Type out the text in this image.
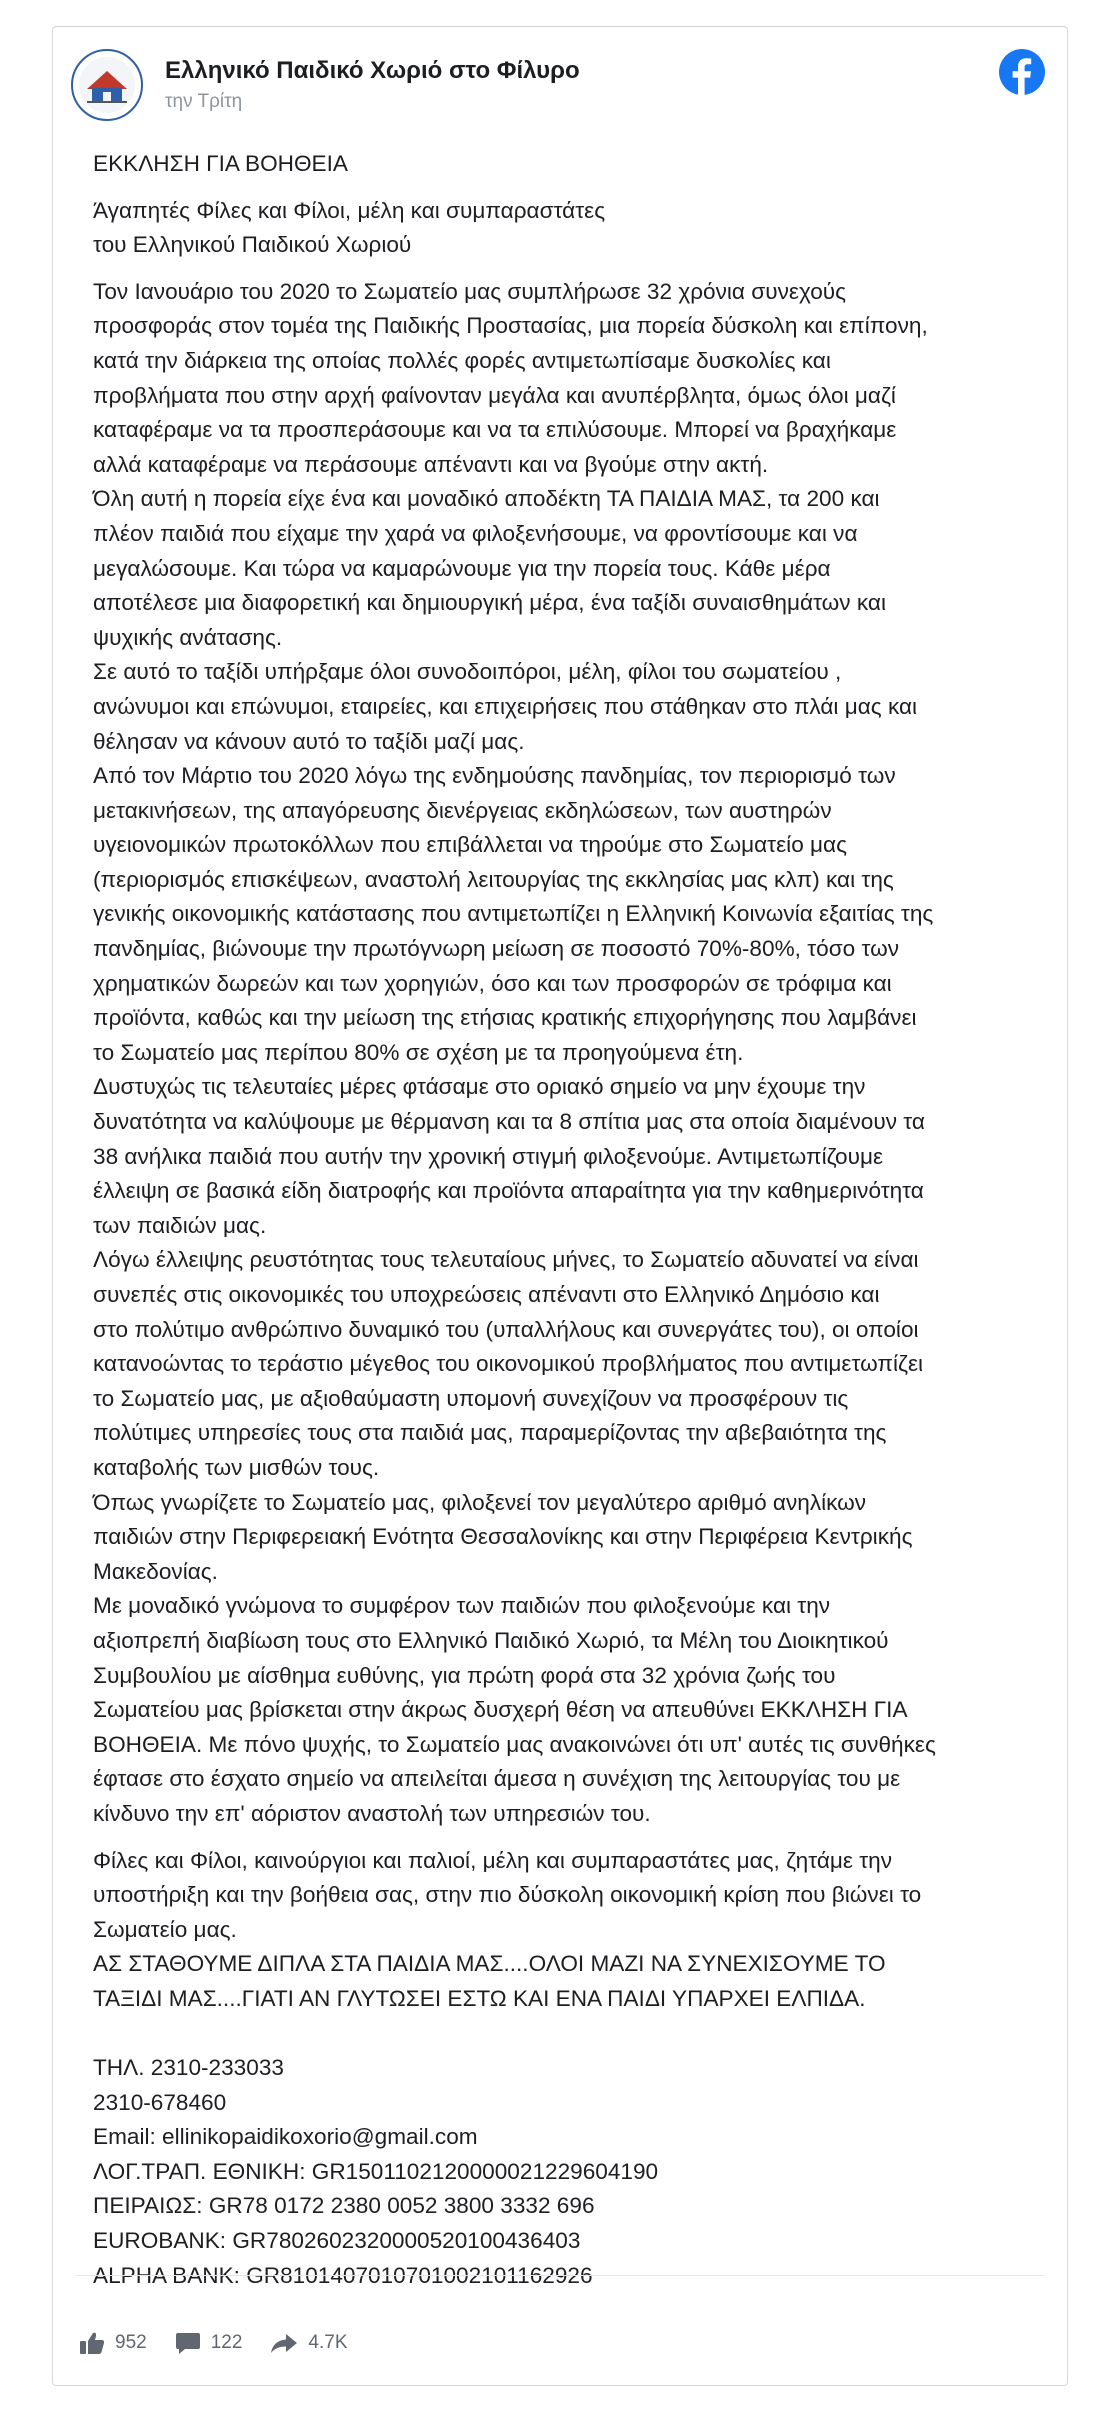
Ελληνικό Παιδικό Χωριό στο Φίλυρο
την Τρίτη

ΕΚΚΛΗΣΗ ΓΙΑ ΒΟΗΘΕΙΑ

Άγαπητές Φίλες και Φίλοι, μέλη και συμπαραστάτες

του Ελληνικού Παιδικού Χωριού

Τον Ιανουάριο του 2020 το Σωματείο μας συμπλήρωσε 32 χρόνια συνεχούς

προσφοράς στον τομέα της Παιδικής Προστασίας, μια πορεία δύσκολη και επίπονη,

κατά την διάρκεια της οποίας πολλές φορές αντιμετωπίσαμε δυσκολίες και

προβλήματα που στην αρχή φαίνονταν μεγάλα και ανυπέρβλητα, όμως όλοι μαζί

καταφέραμε να τα προσπεράσουμε και να τα επιλύσουμε. Μπορεί να βραχήκαμε

αλλά καταφέραμε να περάσουμε απέναντι και να βγούμε στην ακτή.

Όλη αυτή η πορεία είχε ένα και μοναδικό αποδέκτη ΤΑ ΠΑΙΔΙΑ ΜΑΣ, τα 200 και

πλέον παιδιά που είχαμε την χαρά να φιλοξενήσουμε, να φροντίσουμε και να

μεγαλώσουμε. Και τώρα να καμαρώνουμε για την πορεία τους. Κάθε μέρα

αποτέλεσε μια διαφορετική και δημιουργική μέρα, ένα ταξίδι συναισθημάτων και

ψυχικής ανάτασης.

Σε αυτό το ταξίδι υπήρξαμε όλοι συνοδοιπόροι, μέλη, φίλοι του σωματείου ,

ανώνυμοι και επώνυμοι, εταιρείες, και επιχειρήσεις που στάθηκαν στο πλάι μας και

θέλησαν να κάνουν αυτό το ταξίδι μαζί μας.

Από τον Μάρτιο του 2020 λόγω της ενδημούσης πανδημίας, τον περιορισμό των

μετακινήσεων, της απαγόρευσης διενέργειας εκδηλώσεων, των αυστηρών

υγειονομικών πρωτοκόλλων που επιβάλλεται να τηρούμε στο Σωματείο μας

(περιορισμός επισκέψεων, αναστολή λειτουργίας της εκκλησίας μας κλπ) και της

γενικής οικονομικής κατάστασης που αντιμετωπίζει η Ελληνική Κοινωνία εξαιτίας της

πανδημίας, βιώνουμε την πρωτόγνωρη μείωση σε ποσοστό 70%-80%, τόσο των

χρηματικών δωρεών και των χορηγιών, όσο και των προσφορών σε τρόφιμα και

προϊόντα, καθώς και την μείωση της ετήσιας κρατικής επιχορήγησης που λαμβάνει

το Σωματείο μας περίπου 80% σε σχέση με τα προηγούμενα έτη.

Δυστυχώς τις τελευταίες μέρες φτάσαμε στο οριακό σημείο να μην έχουμε την

δυνατότητα να καλύψουμε με θέρμανση και τα 8 σπίτια μας στα οποία διαμένουν τα

38 ανήλικα παιδιά που αυτήν την χρονική στιγμή φιλοξενούμε. Αντιμετωπίζουμε

έλλειψη σε βασικά είδη διατροφής και προϊόντα απαραίτητα για την καθημερινότητα

των παιδιών μας.

Λόγω έλλειψης ρευστότητας τους τελευταίους μήνες, το Σωματείο αδυνατεί να είναι

συνεπές στις οικονομικές του υποχρεώσεις απέναντι στο Ελληνικό Δημόσιο και

στο πολύτιμο ανθρώπινο δυναμικό του (υπαλλήλους και συνεργάτες του), οι οποίοι

κατανοώντας το τεράστιο μέγεθος του οικονομικού προβλήματος που αντιμετωπίζει

το Σωματείο μας, με αξιοθαύμαστη υπομονή συνεχίζουν να προσφέρουν τις

πολύτιμες υπηρεσίες τους στα παιδιά μας, παραμερίζοντας την αβεβαιότητα της

καταβολής των μισθών τους.

Όπως γνωρίζετε το Σωματείο μας, φιλοξενεί τον μεγαλύτερο αριθμό ανηλίκων

παιδιών στην Περιφερειακή Ενότητα Θεσσαλονίκης και στην Περιφέρεια Κεντρικής

Μακεδονίας.

Με μοναδικό γνώμονα το συμφέρον των παιδιών που φιλοξενούμε και την

αξιοπρεπή διαβίωση τους στο Ελληνικό Παιδικό Χωριό, τα Μέλη του Διοικητικού

Συμβουλίου με αίσθημα ευθύνης, για πρώτη φορά στα 32 χρόνια ζωής του

Σωματείου μας βρίσκεται στην άκρως δυσχερή θέση να απευθύνει ΕΚΚΛΗΣΗ ΓΙΑ

ΒΟΗΘΕΙΑ. Με πόνο ψυχής, το Σωματείο μας ανακοινώνει ότι υπ' αυτές τις συνθήκες

έφτασε στο έσχατο σημείο να απειλείται άμεσα η συνέχιση της λειτουργίας του με

κίνδυνο την επ' αόριστον αναστολή των υπηρεσιών του.

Φίλες και Φίλοι, καινούργιοι και παλιοί, μέλη και συμπαραστάτες μας, ζητάμε την

υποστήριξη και την βοήθεια σας, στην πιο δύσκολη οικονομική κρίση που βιώνει το

Σωματείο μας.

ΑΣ ΣΤΑΘΟΥΜΕ ΔΙΠΛΑ ΣΤΑ ΠΑΙΔΙΑ ΜΑΣ....ΟΛΟΙ ΜΑΖΙ ΝΑ ΣΥΝΕΧΙΣΟΥΜΕ ΤΟ

ΤΑΞΙΔΙ ΜΑΣ....ΓΙΑΤΙ ΑΝ ΓΛΥΤΩΣΕΙ ΕΣΤΩ ΚΑΙ ΕΝΑ ΠΑΙΔΙ ΥΠΑΡΧΕΙ ΕΛΠΙΔΑ.

ΤΗΛ. 2310-233033

2310-678460

Email: ellinikopaidikoxorio@gmail.com

ΛΟΓ.ΤΡΑΠ. ΕΘΝΙΚΗ: GR1501102120000021229604190

ΠΕΙΡΑΙΩΣ: GR78 0172 2380 0052 3800 3332 696

EUROBANK: GR7802602320000520100436403

ALPHA BANK: GR8101407010701002101162926

952	122	4.7K
